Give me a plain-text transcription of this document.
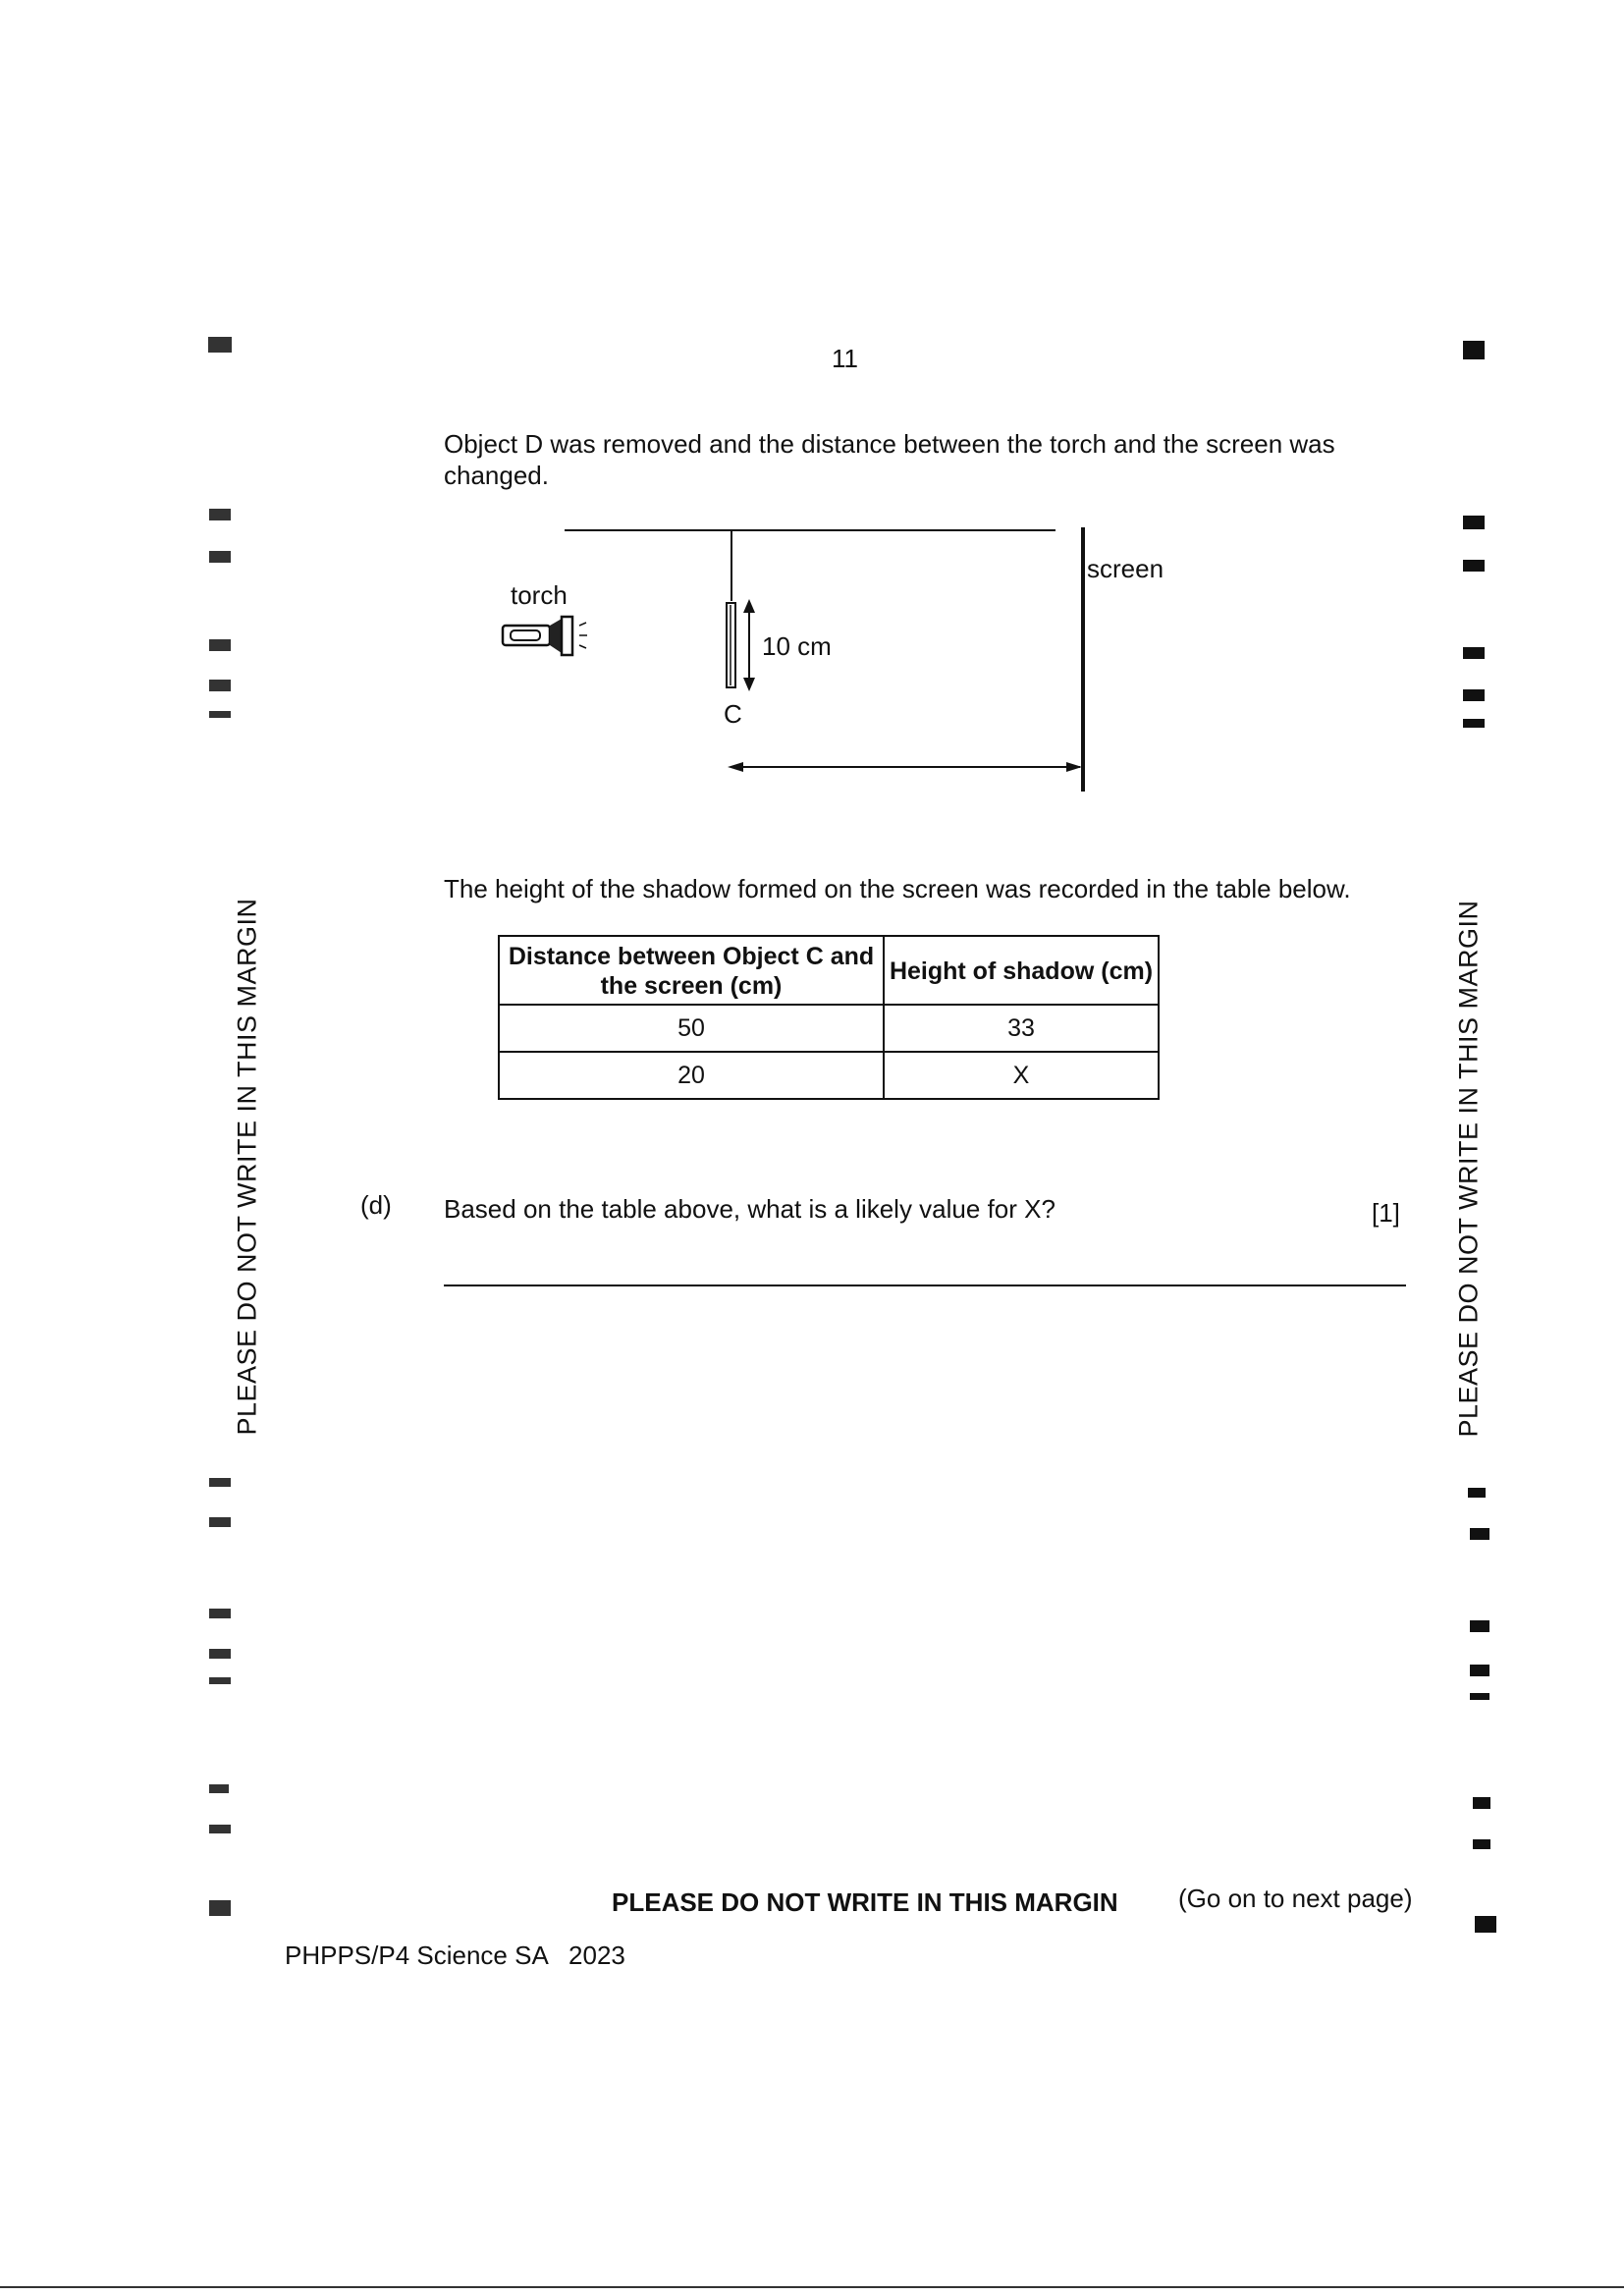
11
Object D was removed and the distance between the torch and the screen was changed.
torch
screen
C
10 cm
The height of the shadow formed on the screen was recorded in the table below.
Distance between Object C and the screen (cm)	Height of shadow (cm)
50	33
20	X
(d) Based on the table above, what is a likely value for X?	[1]
PLEASE DO NOT WRITE IN THIS MARGIN	PLEASE DO NOT WRITE IN THIS MARGIN
PLEASE DO NOT WRITE IN THIS MARGIN (Go on to next page)
PHPPS/P4 Science SA   2023
